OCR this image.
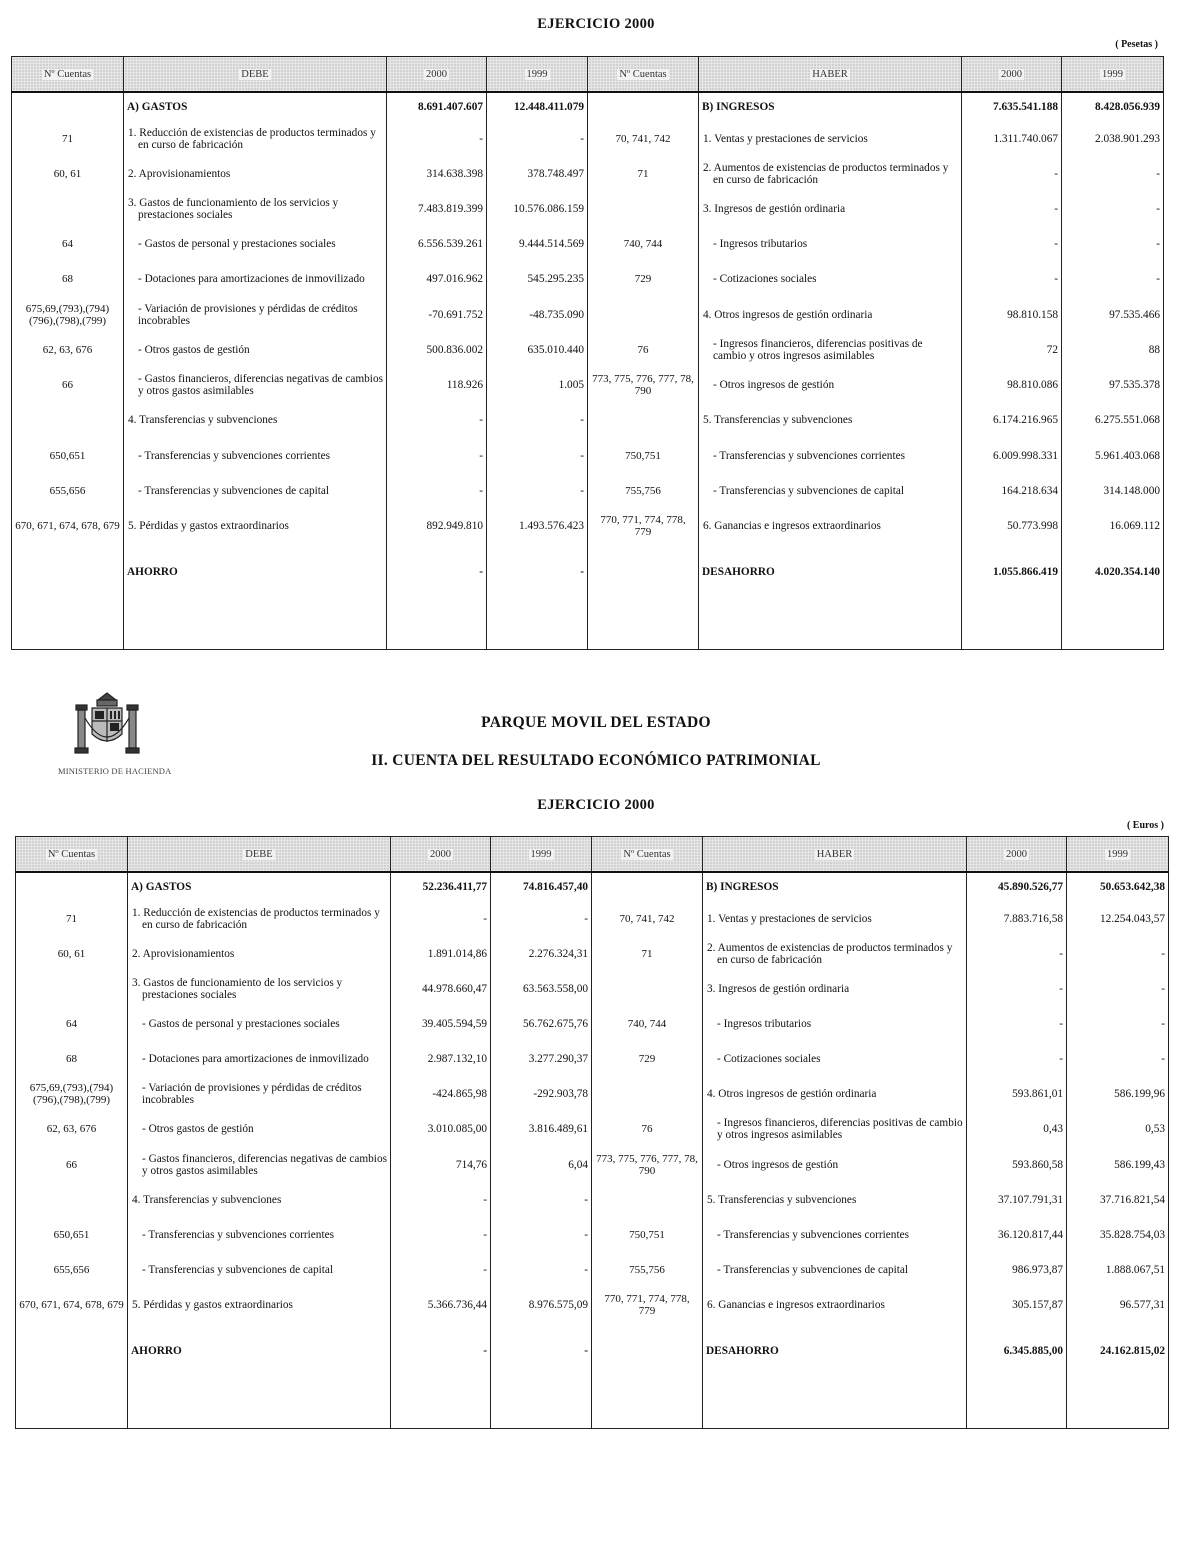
EJERCICIO 2000
( Pesetas )
Nº Cuentas	DEBE	2000	1999	Nº Cuentas	HABER	2000	1999
	A) GASTOS	8.691.407.607	12.448.411.079		B) INGRESOS	7.635.541.188	8.428.056.939
71	1. Reducción de existencias de productos terminados y en curso de fabricación	-	-	70, 741, 742	1. Ventas y prestaciones de servicios	1.311.740.067	2.038.901.293
60, 61	2. Aprovisionamientos	314.638.398	378.748.497	71	2. Aumentos de existencias de productos terminados y en curso de fabricación	-	-
	3. Gastos de funcionamiento de los servicios y prestaciones sociales	7.483.819.399	10.576.086.159		3. Ingresos de gestión ordinaria	-	-
64	- Gastos de personal y prestaciones sociales	6.556.539.261	9.444.514.569	740, 744	- Ingresos tributarios	-	-
68	- Dotaciones para amortizaciones de inmovilizado	497.016.962	545.295.235	729	- Cotizaciones sociales	-	-
675,69,(793),(794) (796),(798),(799)	- Variación de provisiones y pérdidas de créditos incobrables	-70.691.752	-48.735.090		4. Otros ingresos de gestión ordinaria	98.810.158	97.535.466
62, 63, 676	- Otros gastos de gestión	500.836.002	635.010.440	76	- Ingresos financieros, diferencias positivas de cambio y otros ingresos asimilables	72	88
66	- Gastos financieros, diferencias negativas de cambios y otros gastos asimilables	118.926	1.005	773, 775, 776, 777, 78, 790	- Otros ingresos de gestión	98.810.086	97.535.378
	4. Transferencias y subvenciones	-	-		5. Transferencias y subvenciones	6.174.216.965	6.275.551.068
650,651	- Transferencias y subvenciones corrientes	-	-	750,751	- Transferencias y subvenciones corrientes	6.009.998.331	5.961.403.068
655,656	- Transferencias y subvenciones de capital	-	-	755,756	- Transferencias y subvenciones de capital	164.218.634	314.148.000
670, 671, 674, 678, 679	5. Pérdidas y gastos extraordinarios	892.949.810	1.493.576.423	770, 771, 774, 778, 779	6. Ganancias e ingresos extraordinarios	50.773.998	16.069.112
	AHORRO	-	-		DESAHORRO	1.055.866.419	4.020.354.140
MINISTERIO DE HACIENDA
PARQUE MOVIL DEL ESTADO
II. CUENTA DEL RESULTADO ECONÓMICO PATRIMONIAL
EJERCICIO 2000
( Euros )
Nº Cuentas	DEBE	2000	1999	Nº Cuentas	HABER	2000	1999
	A) GASTOS	52.236.411,77	74.816.457,40		B) INGRESOS	45.890.526,77	50.653.642,38
71	1. Reducción de existencias de productos terminados y en curso de fabricación	-	-	70, 741, 742	1. Ventas y prestaciones de servicios	7.883.716,58	12.254.043,57
60, 61	2. Aprovisionamientos	1.891.014,86	2.276.324,31	71	2. Aumentos de existencias de productos terminados y en curso de fabricación	-	-
	3. Gastos de funcionamiento de los servicios y prestaciones sociales	44.978.660,47	63.563.558,00		3. Ingresos de gestión ordinaria	-	-
64	- Gastos de personal y prestaciones sociales	39.405.594,59	56.762.675,76	740, 744	- Ingresos tributarios	-	-
68	- Dotaciones para amortizaciones de inmovilizado	2.987.132,10	3.277.290,37	729	- Cotizaciones sociales	-	-
675,69,(793),(794) (796),(798),(799)	- Variación de provisiones y pérdidas de créditos incobrables	-424.865,98	-292.903,78		4. Otros ingresos de gestión ordinaria	593.861,01	586.199,96
62, 63, 676	- Otros gastos de gestión	3.010.085,00	3.816.489,61	76	- Ingresos financieros, diferencias positivas de cambio y otros ingresos asimilables	0,43	0,53
66	- Gastos financieros, diferencias negativas de cambios y otros gastos asimilables	714,76	6,04	773, 775, 776, 777, 78, 790	- Otros ingresos de gestión	593.860,58	586.199,43
	4. Transferencias y subvenciones	-	-		5. Transferencias y subvenciones	37.107.791,31	37.716.821,54
650,651	- Transferencias y subvenciones corrientes	-	-	750,751	- Transferencias y subvenciones corrientes	36.120.817,44	35.828.754,03
655,656	- Transferencias y subvenciones de capital	-	-	755,756	- Transferencias y subvenciones de capital	986.973,87	1.888.067,51
670, 671, 674, 678, 679	5. Pérdidas y gastos extraordinarios	5.366.736,44	8.976.575,09	770, 771, 774, 778, 779	6. Ganancias e ingresos extraordinarios	305.157,87	96.577,31
	AHORRO	-	-		DESAHORRO	6.345.885,00	24.162.815,02
